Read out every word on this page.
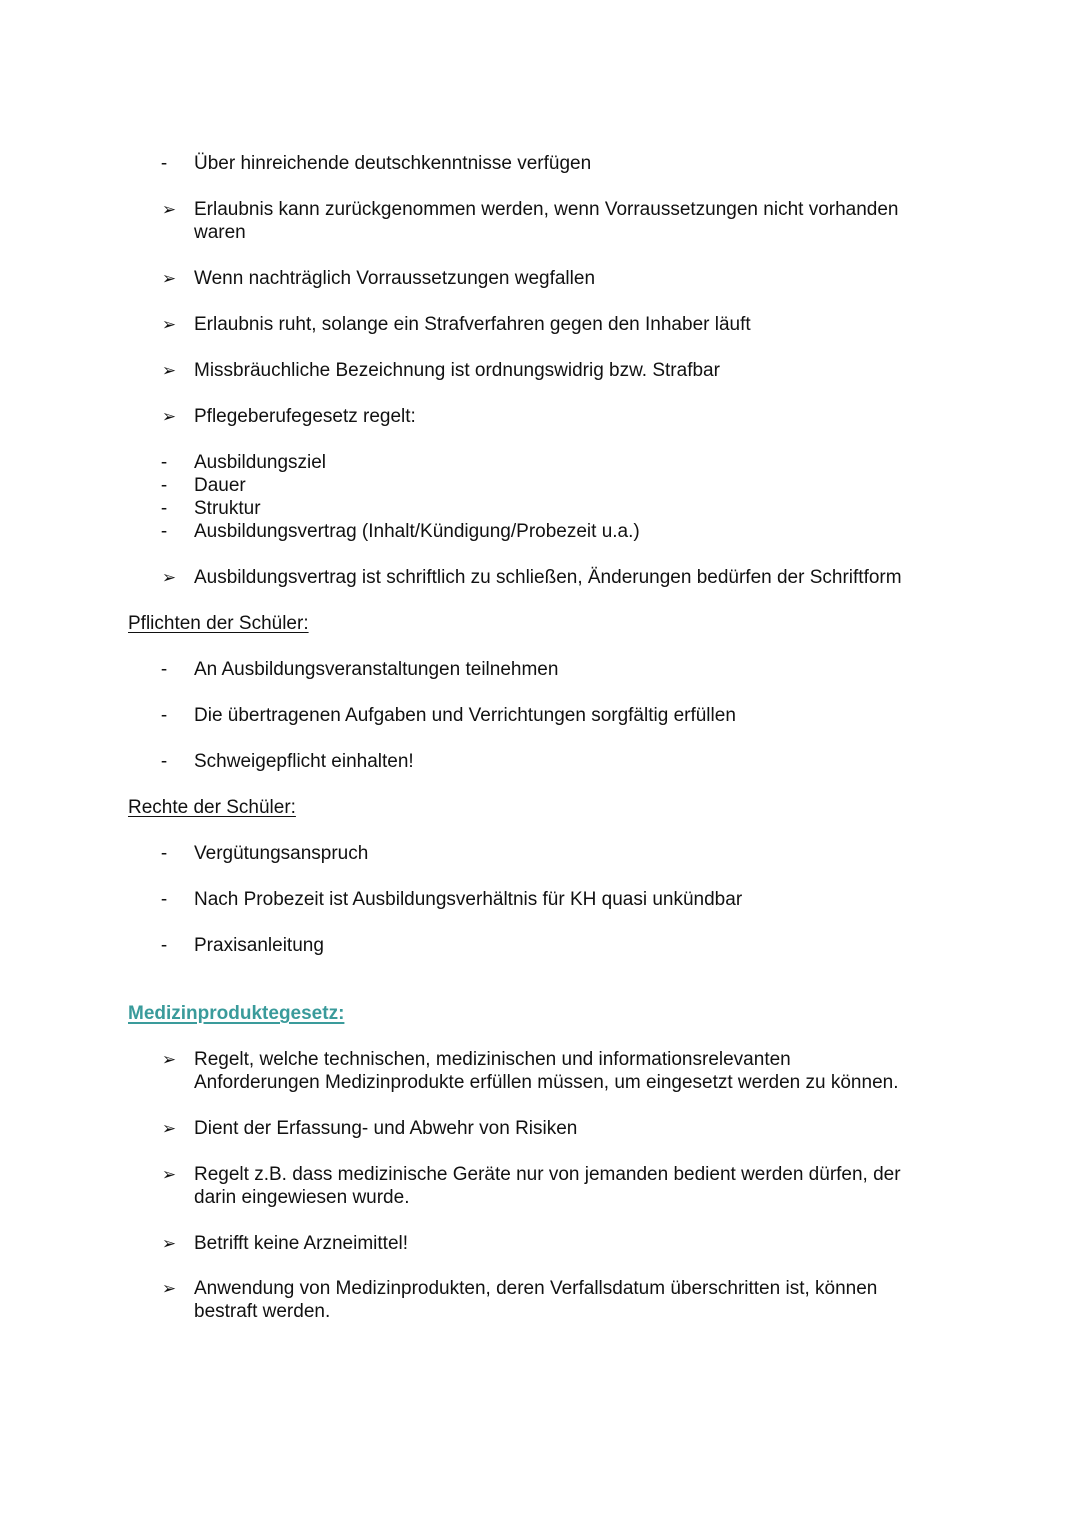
- Über hinreichende deutschkenntnisse verfügen
➢ Erlaubnis kann zurückgenommen werden, wenn Vorraussetzungen nicht vorhanden
waren
➢ Wenn nachträglich Vorraussetzungen wegfallen
➢ Erlaubnis ruht, solange ein Strafverfahren gegen den Inhaber läuft
➢ Missbräuchliche Bezeichnung ist ordnungswidrig bzw. Strafbar
➢ Pflegeberufegesetz regelt:
- Ausbildungsziel
- Dauer
- Struktur
- Ausbildungsvertrag (Inhalt/Kündigung/Probezeit u.a.)
➢ Ausbildungsvertrag ist schriftlich zu schließen, Änderungen bedürfen der Schriftform
Pflichten der Schüler:
- An Ausbildungsveranstaltungen teilnehmen
- Die übertragenen Aufgaben und Verrichtungen sorgfältig erfüllen
- Schweigepflicht einhalten!
Rechte der Schüler:
- Vergütungsanspruch
- Nach Probezeit ist Ausbildungsverhältnis für KH quasi unkündbar
- Praxisanleitung
Medizinproduktegesetz:
➢ Regelt, welche technischen, medizinischen und informationsrelevanten
Anforderungen Medizinprodukte erfüllen müssen, um eingesetzt werden zu können.
➢ Dient der Erfassung- und Abwehr von Risiken
➢ Regelt z.B. dass medizinische Geräte nur von jemanden bedient werden dürfen, der
darin eingewiesen wurde.
➢ Betrifft keine Arzneimittel!
➢ Anwendung von Medizinprodukten, deren Verfallsdatum überschritten ist, können
bestraft werden.
